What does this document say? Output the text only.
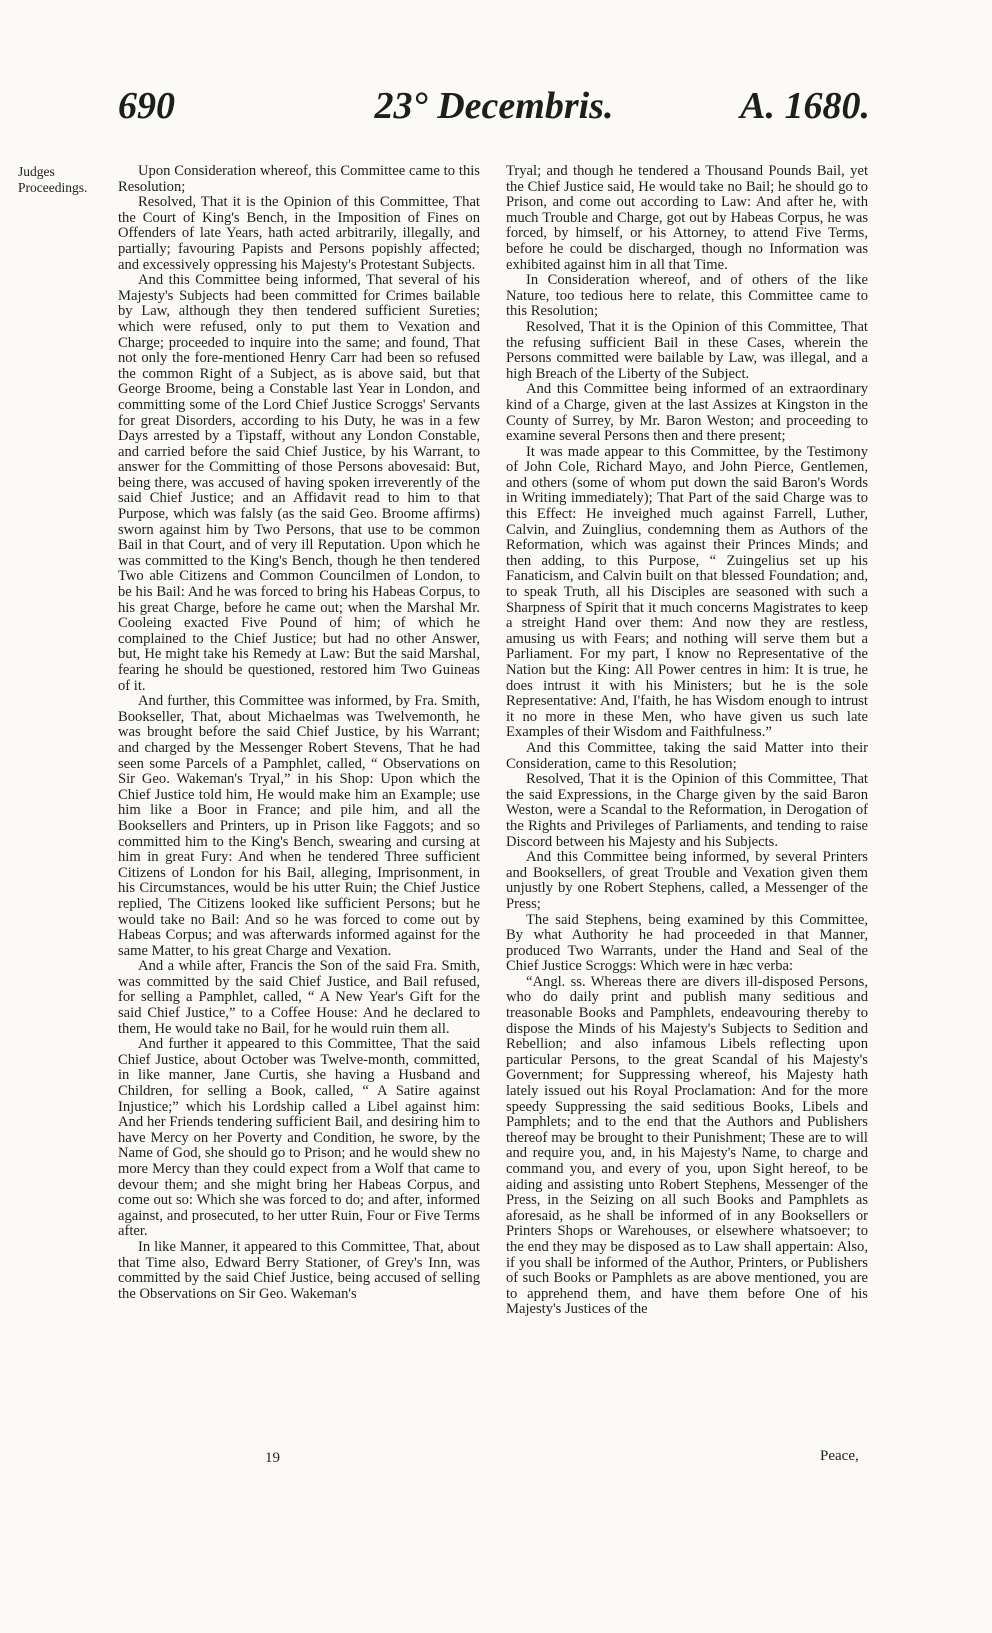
690	23° Decembris.	A. 1680.
Judges Proceedings.

Upon Consideration whereof, this Committee came to this Resolution;

Resolved, That it is the Opinion of this Committee, That the Court of King's Bench, in the Imposition of Fines on Offenders of late Years, hath acted arbitrarily, illegally, and partially; favouring Papists and Persons popishly affected; and excessively oppressing his Majesty's Protestant Subjects.

And this Committee being informed, That several of his Majesty's Subjects had been committed for Crimes bailable by Law, although they then tendered sufficient Sureties; which were refused, only to put them to Vexation and Charge; proceeded to inquire into the same; and found, That not only the fore-mentioned Henry Carr had been so refused the common Right of a Subject, as is above said, but that George Broome, being a Constable last Year in London, and committing some of the Lord Chief Justice Scroggs' Servants for great Disorders, according to his Duty, he was in a few Days arrested by a Tipstaff, without any London Constable, and carried before the said Chief Justice, by his Warrant, to answer for the Committing of those Persons abovesaid: But, being there, was accused of having spoken irreverently of the said Chief Justice; and an Affidavit read to him to that Purpose, which was falsly (as the said Geo. Broome affirms) sworn against him by Two Persons, that use to be common Bail in that Court, and of very ill Reputation. Upon which he was committed to the King's Bench, though he then tendered Two able Citizens and Common Councilmen of London, to be his Bail: And he was forced to bring his Habeas Corpus, to his great Charge, before he came out; when the Marshal Mr. Cooleing exacted Five Pound of him; of which he complained to the Chief Justice; but had no other Answer, but, He might take his Remedy at Law: But the said Marshal, fearing he should be questioned, restored him Two Guineas of it.

And further, this Committee was informed, by Fra. Smith, Bookseller, That, about Michaelmas was Twelvemonth, he was brought before the said Chief Justice, by his Warrant; and charged by the Messenger Robert Stevens, That he had seen some Parcels of a Pamphlet, called, “ Observations on Sir Geo. Wakeman's Tryal,” in his Shop: Upon which the Chief Justice told him, He would make him an Example; use him like a Boor in France; and pile him, and all the Booksellers and Printers, up in Prison like Faggots; and so committed him to the King's Bench, swearing and cursing at him in great Fury: And when he tendered Three sufficient Citizens of London for his Bail, alleging, Imprisonment, in his Circumstances, would be his utter Ruin; the Chief Justice replied, The Citizens looked like sufficient Persons; but he would take no Bail: And so he was forced to come out by Habeas Corpus; and was afterwards informed against for the same Matter, to his great Charge and Vexation.

And a while after, Francis the Son of the said Fra. Smith, was committed by the said Chief Justice, and Bail refused, for selling a Pamphlet, called, “ A New Year's Gift for the said Chief Justice,” to a Coffee House: And he declared to them, He would take no Bail, for he would ruin them all.

And further it appeared to this Committee, That the said Chief Justice, about October was Twelve-month, committed, in like manner, Jane Curtis, she having a Husband and Children, for selling a Book, called, “ A Satire against Injustice;” which his Lordship called a Libel against him: And her Friends tendering sufficient Bail, and desiring him to have Mercy on her Poverty and Condition, he swore, by the Name of God, she should go to Prison; and he would shew no more Mercy than they could expect from a Wolf that came to devour them; and she might bring her Habeas Corpus, and come out so: Which she was forced to do; and after, informed against, and prosecuted, to her utter Ruin, Four or Five Terms after.

In like Manner, it appeared to this Committee, That, about that Time also, Edward Berry Stationer, of Grey's Inn, was committed by the said Chief Justice, being accused of selling the Observations on Sir Geo. Wakeman's

Tryal; and though he tendered a Thousand Pounds Bail, yet the Chief Justice said, He would take no Bail; he should go to Prison, and come out according to Law: And after he, with much Trouble and Charge, got out by Habeas Corpus, he was forced, by himself, or his Attorney, to attend Five Terms, before he could be discharged, though no Information was exhibited against him in all that Time.

In Consideration whereof, and of others of the like Nature, too tedious here to relate, this Committee came to this Resolution;

Resolved, That it is the Opinion of this Committee, That the refusing sufficient Bail in these Cases, wherein the Persons committed were bailable by Law, was illegal, and a high Breach of the Liberty of the Subject.

And this Committee being informed of an extraordinary kind of a Charge, given at the last Assizes at Kingston in the County of Surrey, by Mr. Baron Weston; and proceeding to examine several Persons then and there present;

It was made appear to this Committee, by the Testimony of John Cole, Richard Mayo, and John Pierce, Gentlemen, and others (some of whom put down the said Baron's Words in Writing immediately); That Part of the said Charge was to this Effect: He inveighed much against Farrell, Luther, Calvin, and Zuinglius, condemning them as Authors of the Reformation, which was against their Princes Minds; and then adding, to this Purpose, “ Zuingelius set up his Fanaticism, and Calvin built on that blessed Foundation; and, to speak Truth, all his Disciples are seasoned with such a Sharpness of Spirit that it much concerns Magistrates to keep a streight Hand over them: And now they are restless, amusing us with Fears; and nothing will serve them but a Parliament. For my part, I know no Representative of the Nation but the King: All Power centres in him: It is true, he does intrust it with his Ministers; but he is the sole Representative: And, I'faith, he has Wisdom enough to intrust it no more in these Men, who have given us such late Examples of their Wisdom and Faithfulness.”

And this Committee, taking the said Matter into their Consideration, came to this Resolution;

Resolved, That it is the Opinion of this Committee, That the said Expressions, in the Charge given by the said Baron Weston, were a Scandal to the Reformation, in Derogation of the Rights and Privileges of Parliaments, and tending to raise Discord between his Majesty and his Subjects.

And this Committee being informed, by several Printers and Booksellers, of great Trouble and Vexation given them unjustly by one Robert Stephens, called, a Messenger of the Press;

The said Stephens, being examined by this Committee, By what Authority he had proceeded in that Manner, produced Two Warrants, under the Hand and Seal of the Chief Justice Scroggs: Which were in hæc verba:

“Angl. ss. Whereas there are divers ill-disposed Persons, who do daily print and publish many seditious and treasonable Books and Pamphlets, endeavouring thereby to dispose the Minds of his Majesty's Subjects to Sedition and Rebellion; and also infamous Libels reflecting upon particular Persons, to the great Scandal of his Majesty's Government; for Suppressing whereof, his Majesty hath lately issued out his Royal Proclamation: And for the more speedy Suppressing the said seditious Books, Libels and Pamphlets; and to the end that the Authors and Publishers thereof may be brought to their Punishment; These are to will and require you, and, in his Majesty's Name, to charge and command you, and every of you, upon Sight hereof, to be aiding and assisting unto Robert Stephens, Messenger of the Press, in the Seizing on all such Books and Pamphlets as aforesaid, as he shall be informed of in any Booksellers or Printers Shops or Warehouses, or elsewhere whatsoever; to the end they may be disposed as to Law shall appertain: Also, if you shall be informed of the Author, Printers, or Publishers of such Books or Pamphlets as are above mentioned, you are to apprehend them, and have them before One of his Majesty's Justices of the

19	Peace,
